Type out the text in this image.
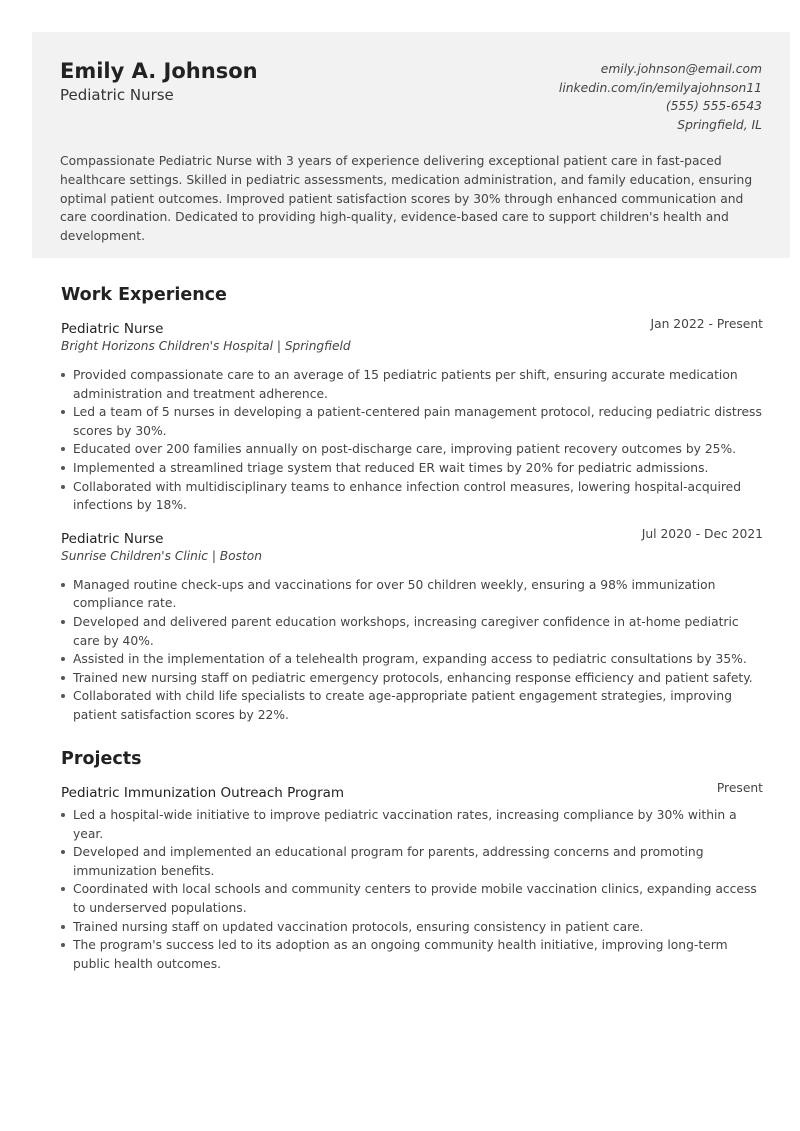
Emily A. Johnson
Pediatric Nurse
emily.johnson@email.com
linkedin.com/in/emilyajohnson11
(555) 555-6543
Springfield, IL
Compassionate Pediatric Nurse with 3 years of experience delivering exceptional patient care in fast-paced healthcare settings. Skilled in pediatric assessments, medication administration, and family education, ensuring optimal patient outcomes. Improved patient satisfaction scores by 30% through enhanced communication and care coordination. Dedicated to providing high-quality, evidence-based care to support children's health and development.
Work Experience
Pediatric Nurse	Jan 2022 - Present
Bright Horizons Children's Hospital | Springfield
Provided compassionate care to an average of 15 pediatric patients per shift, ensuring accurate medication administration and treatment adherence.
Led a team of 5 nurses in developing a patient-centered pain management protocol, reducing pediatric distress scores by 30%.
Educated over 200 families annually on post-discharge care, improving patient recovery outcomes by 25%.
Implemented a streamlined triage system that reduced ER wait times by 20% for pediatric admissions.
Collaborated with multidisciplinary teams to enhance infection control measures, lowering hospital-acquired infections by 18%.
Pediatric Nurse	Jul 2020 - Dec 2021
Sunrise Children's Clinic | Boston
Managed routine check-ups and vaccinations for over 50 children weekly, ensuring a 98% immunization compliance rate.
Developed and delivered parent education workshops, increasing caregiver confidence in at-home pediatric care by 40%.
Assisted in the implementation of a telehealth program, expanding access to pediatric consultations by 35%.
Trained new nursing staff on pediatric emergency protocols, enhancing response efficiency and patient safety.
Collaborated with child life specialists to create age-appropriate patient engagement strategies, improving patient satisfaction scores by 22%.
Projects
Pediatric Immunization Outreach Program	Present
Led a hospital-wide initiative to improve pediatric vaccination rates, increasing compliance by 30% within a year.
Developed and implemented an educational program for parents, addressing concerns and promoting immunization benefits.
Coordinated with local schools and community centers to provide mobile vaccination clinics, expanding access to underserved populations.
Trained nursing staff on updated vaccination protocols, ensuring consistency in patient care.
The program's success led to its adoption as an ongoing community health initiative, improving long-term public health outcomes.
